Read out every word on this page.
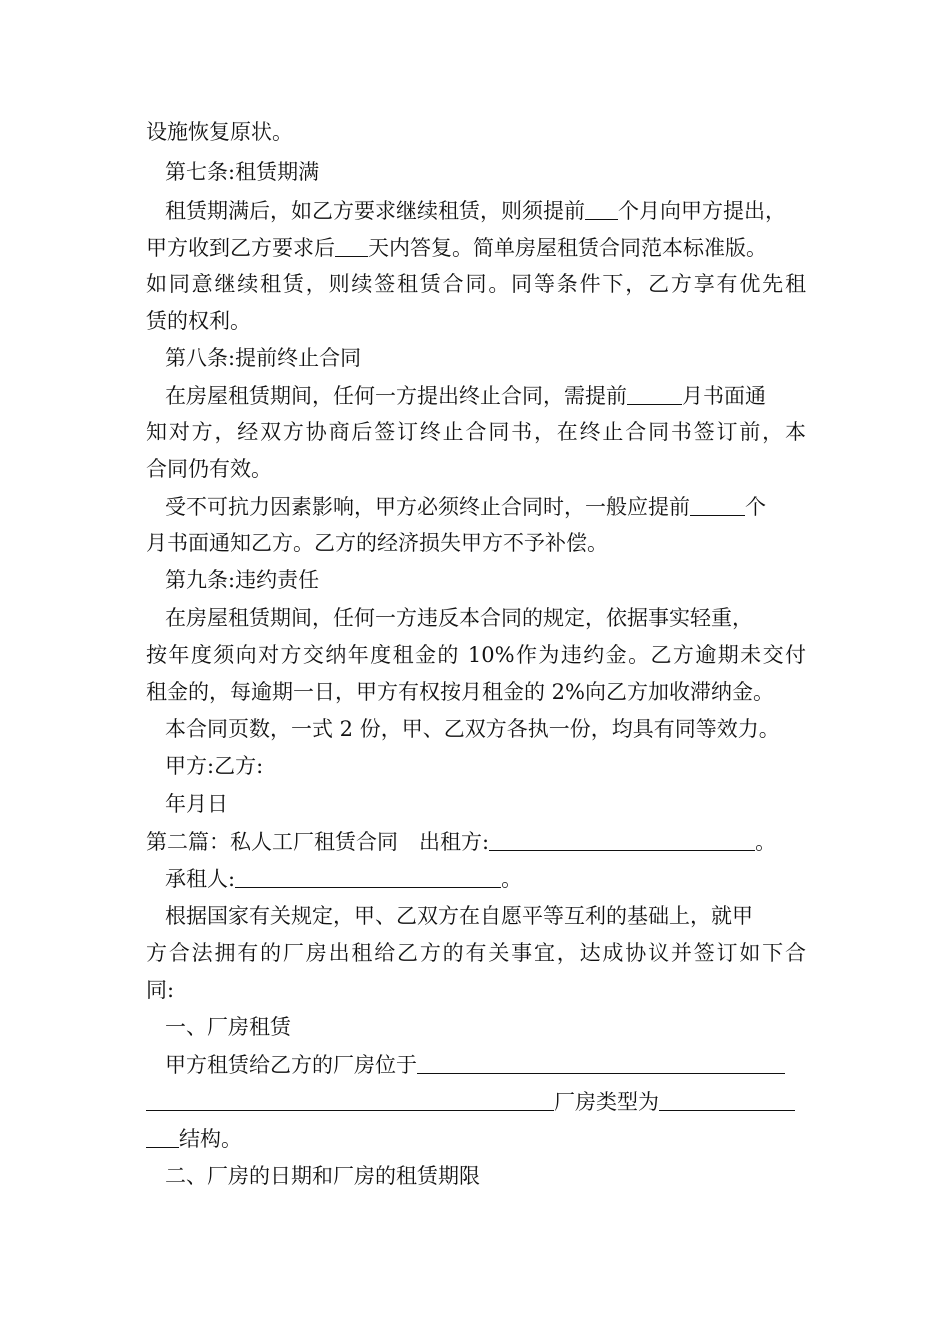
设施恢复原状。
第七条:租赁期满
租赁期满后，如乙方要求继续租赁，则须提前 个月向甲方提出，
甲方收到乙方要求后 天内答复。简单房屋租赁合同范本标准版。
如同意继续租赁，则续签租赁合同。同等条件下，乙方享有优先租
赁的权利。
第八条:提前终止合同
在房屋租赁期间，任何一方提出终止合同，需提前	月书面通
知对方，经双方协商后签订终止合同书，在终止合同书签订前，本
合同仍有效。
受不可抗力因素影响，甲方必须终止合同时，一般应提前	个
月书面通知乙方。乙方的经济损失甲方不予补偿。
第九条:违约责任
在房屋租赁期间，任何一方违反本合同的规定，依据事实轻重，
按年度须向对方交纳年度租金的 10%作为违约金。乙方逾期未交付
租金的，每逾期一日，甲方有权按月租金的 2%向乙方加收滞纳金。
本合同页数，一式 2 份，甲、乙双方各执一份，均具有同等效力。
甲方:乙方:
年月日
第二篇：私人工厂租赁合同　出租方:	。
承租人:	。
根据国家有关规定，甲、乙双方在自愿平等互利的基础上，就甲
方合法拥有的厂房出租给乙方的有关事宜，达成协议并签订如下合
同:
一、厂房租赁
甲方租赁给乙方的厂房位于
厂房类型为
结构。
二、厂房的日期和厂房的租赁期限
